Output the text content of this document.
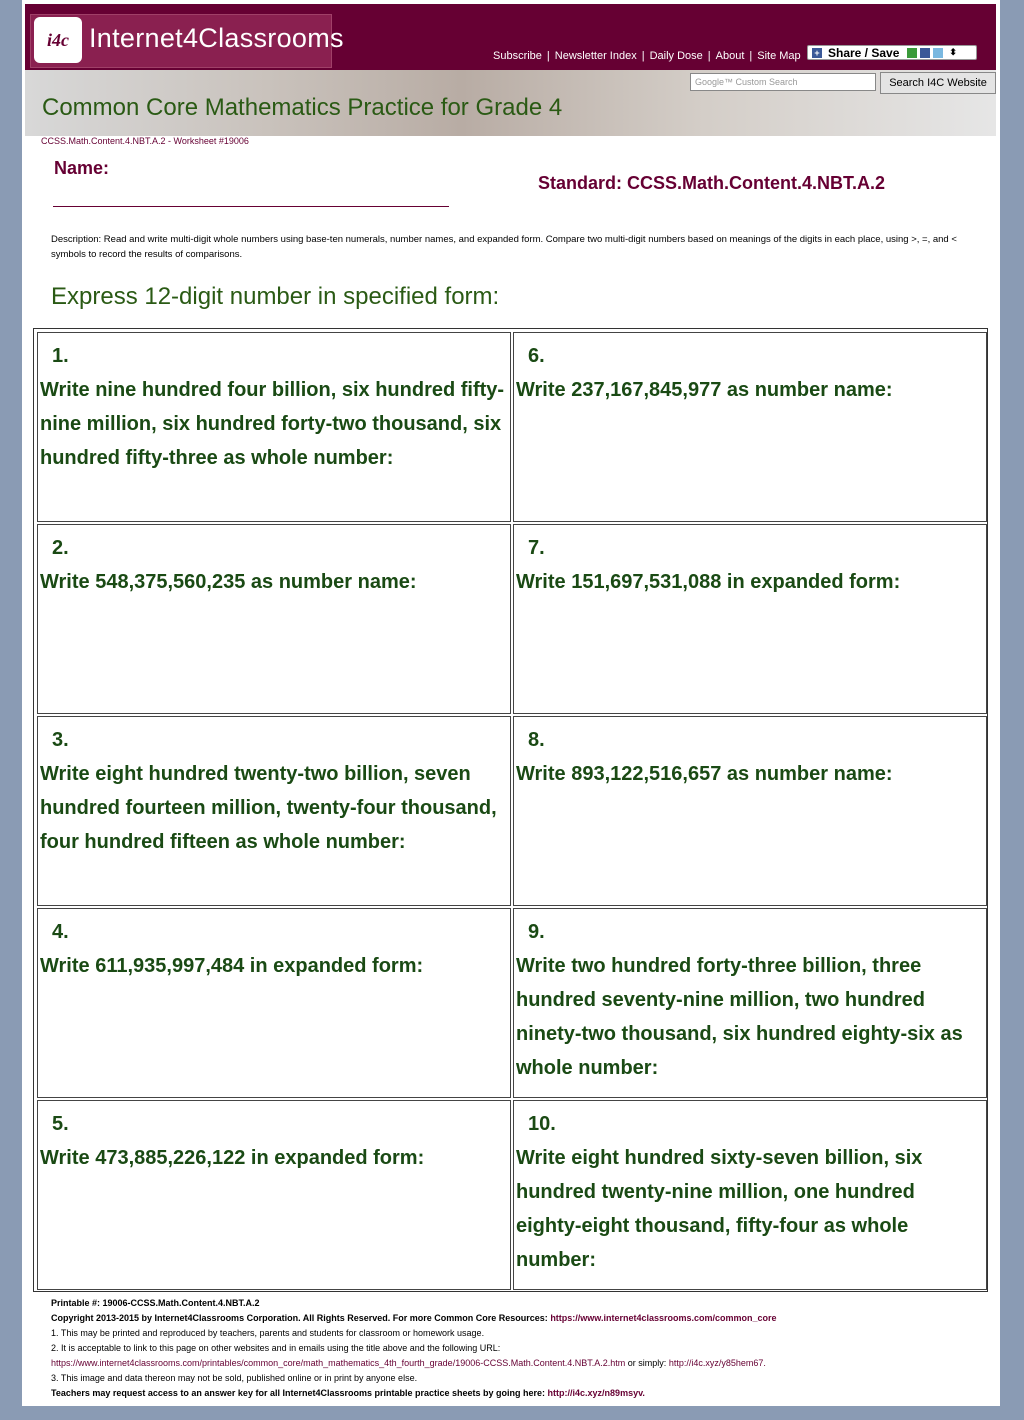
i4c Internet4Classrooms
Subscribe | Newsletter Index | Daily Dose | About | Site Map + Share / Save	⬍
Google™ Custom Search	Search I4C Website
Common Core Mathematics Practice for Grade 4
CCSS.Math.Content.4.NBT.A.2 - Worksheet #19006
Name:
Standard: CCSS.Math.Content.4.NBT.A.2
Description: Read and write multi-digit whole numbers using base-ten numerals, number names, and expanded form. Compare two multi-digit numbers based on meanings of the digits in each place, using >, =, and < symbols to record the results of comparisons.
Express 12-digit number in specified form:
1.
Write nine hundred four billion, six hundred fifty-nine million, six hundred forty-two thousand, six hundred fifty-three as whole number:
6.
Write 237,167,845,977 as number name:
2.
Write 548,375,560,235 as number name:
7.
Write 151,697,531,088 in expanded form:
3.
Write eight hundred twenty-two billion, seven hundred fourteen million, twenty-four thousand, four hundred fifteen as whole number:
8.
Write 893,122,516,657 as number name:
4.
Write 611,935,997,484 in expanded form:
9.
Write two hundred forty-three billion, three hundred seventy-nine million, two hundred ninety-two thousand, six hundred eighty-six as whole number:
5.
Write 473,885,226,122 in expanded form:
10.
Write eight hundred sixty-seven billion, six hundred twenty-nine million, one hundred eighty-eight thousand, fifty-four as whole number:
Printable #: 19006-CCSS.Math.Content.4.NBT.A.2
Copyright 2013-2015 by Internet4Classrooms Corporation. All Rights Reserved. For more Common Core Resources: https://www.internet4classrooms.com/common_core
1. This may be printed and reproduced by teachers, parents and students for classroom or homework usage.
2. It is acceptable to link to this page on other websites and in emails using the title above and the following URL:
https://www.internet4classrooms.com/printables/common_core/math_mathematics_4th_fourth_grade/19006-CCSS.Math.Content.4.NBT.A.2.htm or simply: http://i4c.xyz/y85hem67.
3. This image and data thereon may not be sold, published online or in print by anyone else.
Teachers may request access to an answer key for all Internet4Classrooms printable practice sheets by going here: http://i4c.xyz/n89msyv.
